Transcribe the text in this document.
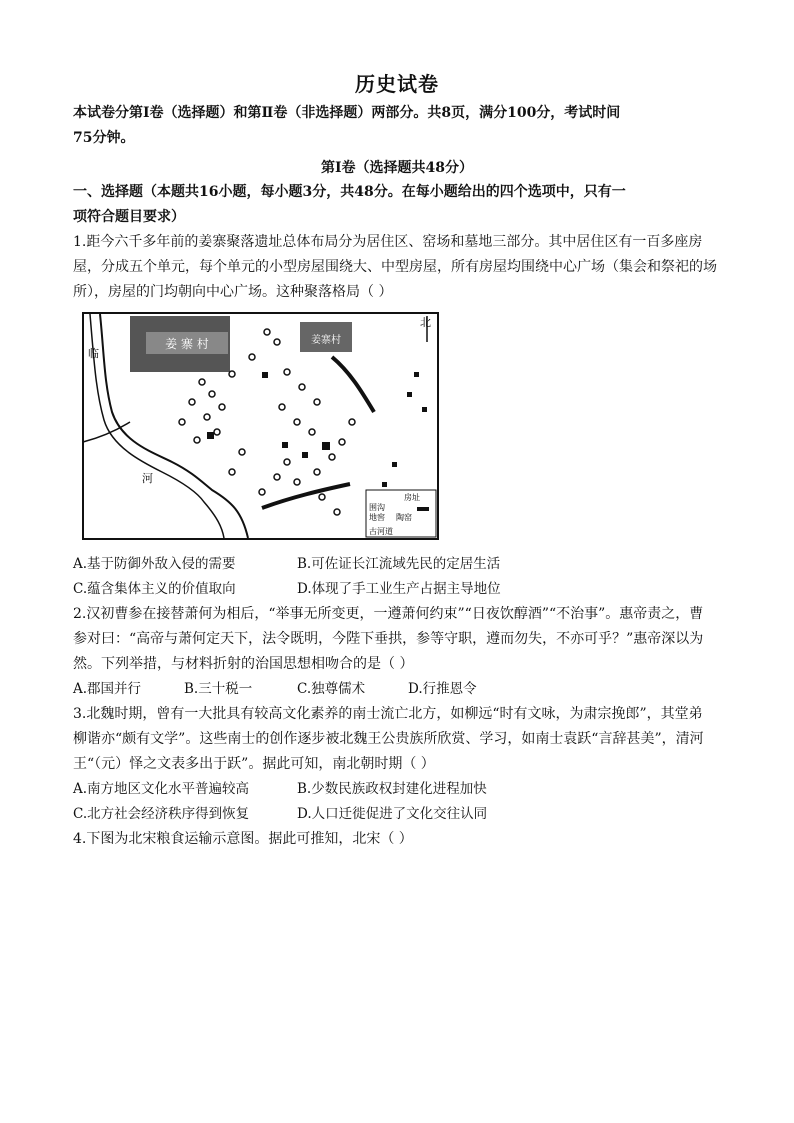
历史试卷
本试卷分第Ⅰ卷（选择题）和第Ⅱ卷（非选择题）两部分。共8页，满分100分，考试时间
75分钟。
第Ⅰ卷（选择题共48分）
一、选择题（本题共16小题，每小题3分，共48分。在每小题给出的四个选项中，只有一
项符合题目要求）
1.距今六千多年前的姜寨聚落遗址总体布局分为居住区、窑场和墓地三部分。其中居住区有一百多座房
屋，分成五个单元，每个单元的小型房屋围绕大、中型房屋，所有房屋均围绕中心广场（集会和祭祀的场
所），房屋的门均朝向中心广场。这种聚落格局（ ）
姜 寨 村	姜寨村
北
临
河
房址
围沟
地窖 陶窑
古河道
A.基于防御外敌入侵的需要	B.可佐证长江流域先民的定居生活
C.蕴含集体主义的价值取向	D.体现了手工业生产占据主导地位
2.汉初曹参在接替萧何为相后，“举事无所变更，一遵萧何约束”“日夜饮醇酒”“不治事”。惠帝责之，曹
参对曰：“高帝与萧何定天下，法令既明，今陛下垂拱，参等守职，遵而勿失，不亦可乎？”惠帝深以为
然。下列举措，与材料折射的治国思想相吻合的是（ ）
A.郡国并行	B.三十税一	C.独尊儒术	D.行推恩令
3.北魏时期，曾有一大批具有较高文化素养的南士流亡北方，如柳远“时有文咏，为肃宗挽郎”，其堂弟
柳谐亦“颇有文学”。这些南士的创作逐步被北魏王公贵族所欣赏、学习，如南士袁跃“言辞甚美”，清河
王“（元）怿之文表多出于跃”。据此可知，南北朝时期（ ）
A.南方地区文化水平普遍较高	B.少数民族政权封建化进程加快
C.北方社会经济秩序得到恢复	D.人口迁徙促进了文化交往认同
4.下图为北宋粮食运输示意图。据此可推知，北宋（ ）
